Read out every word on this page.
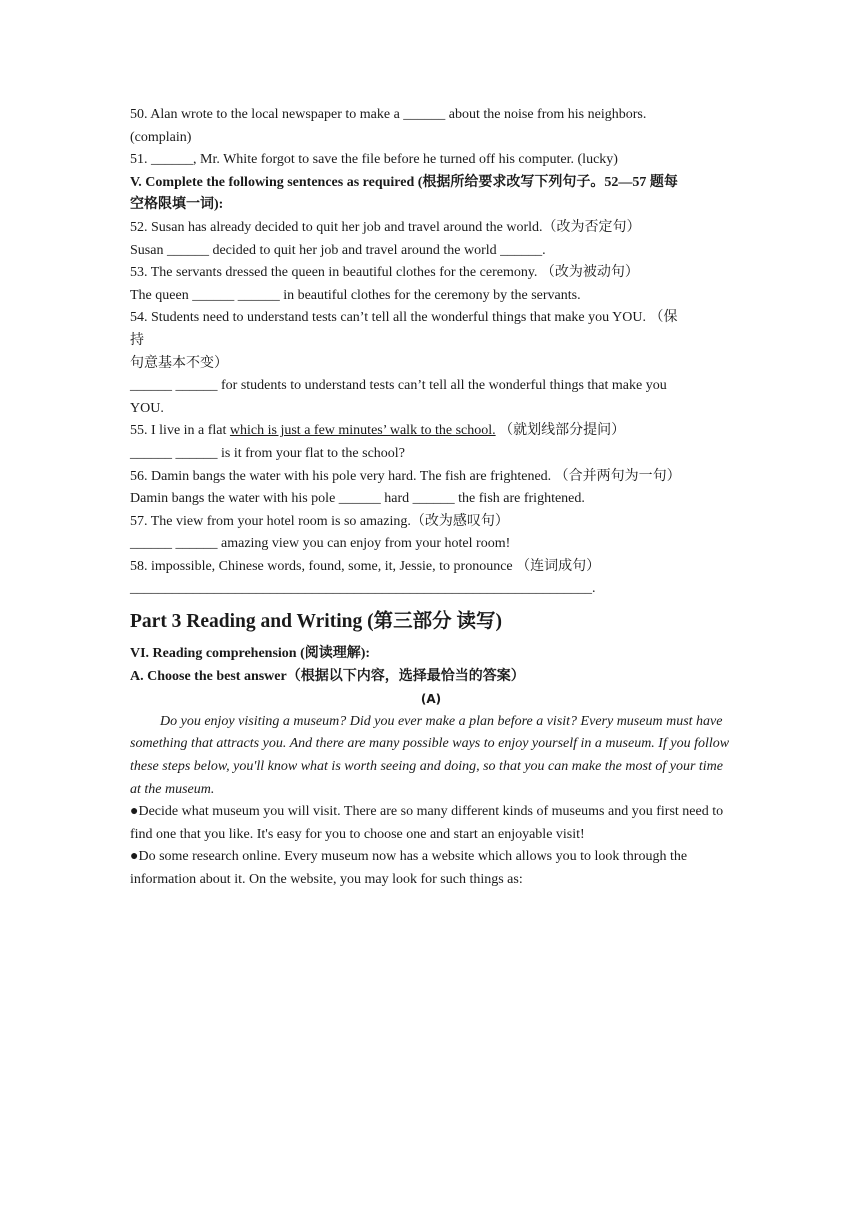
50. Alan wrote to the local newspaper to make a ______ about the noise from his neighbors.
(complain)
51. ______, Mr. White forgot to save the file before he turned off his computer. (lucky)
V. Complete the following sentences as required (根据所给要求改写下列句子。52—57 题每
空格限填一词):
52. Susan has already decided to quit her job and travel around the world.（改为否定句）
Susan ______ decided to quit her job and travel around the world ______.
53. The servants dressed the queen in beautiful clothes for the ceremony. （改为被动句）
The queen ______ ______ in beautiful clothes for the ceremony by the servants.
54. Students need to understand tests can’t tell all the wonderful things that make you YOU. （保
持
句意基本不变）
______ ______ for students to understand tests can’t tell all the wonderful things that make you
YOU.
55. I live in a flat which is just a few minutes’ walk to the school. （就划线部分提问）
______ ______ is it from your flat to the school?
56. Damin bangs the water with his pole very hard. The fish are frightened. （合并两句为一句）
Damin bangs the water with his pole ______ hard ______ the fish are frightened.
57. The view from your hotel room is so amazing.（改为感叹句）
______ ______ amazing view you can enjoy from your hotel room!
58. impossible, Chinese words, found, some, it, Jessie, to pronounce （连词成句）
__________________________________________________________________.
Part 3 Reading and Writing (第三部分 读写)
VI. Reading comprehension (阅读理解):
A. Choose the best answer（根据以下内容，选择最恰当的答案）
(A)
Do you enjoy visiting a museum? Did you ever make a plan before a visit? Every museum must have something that attracts you. And there are many possible ways to enjoy yourself in a museum. If you follow these steps below, you'll know what is worth seeing and doing, so that you can make the most of your time at the museum.
●Decide what museum you will visit. There are so many different kinds of museums and you first need to find one that you like. It's easy for you to choose one and start an enjoyable visit!
●Do some research online. Every museum now has a website which allows you to look through the information about it. On the website, you may look for such things as:
